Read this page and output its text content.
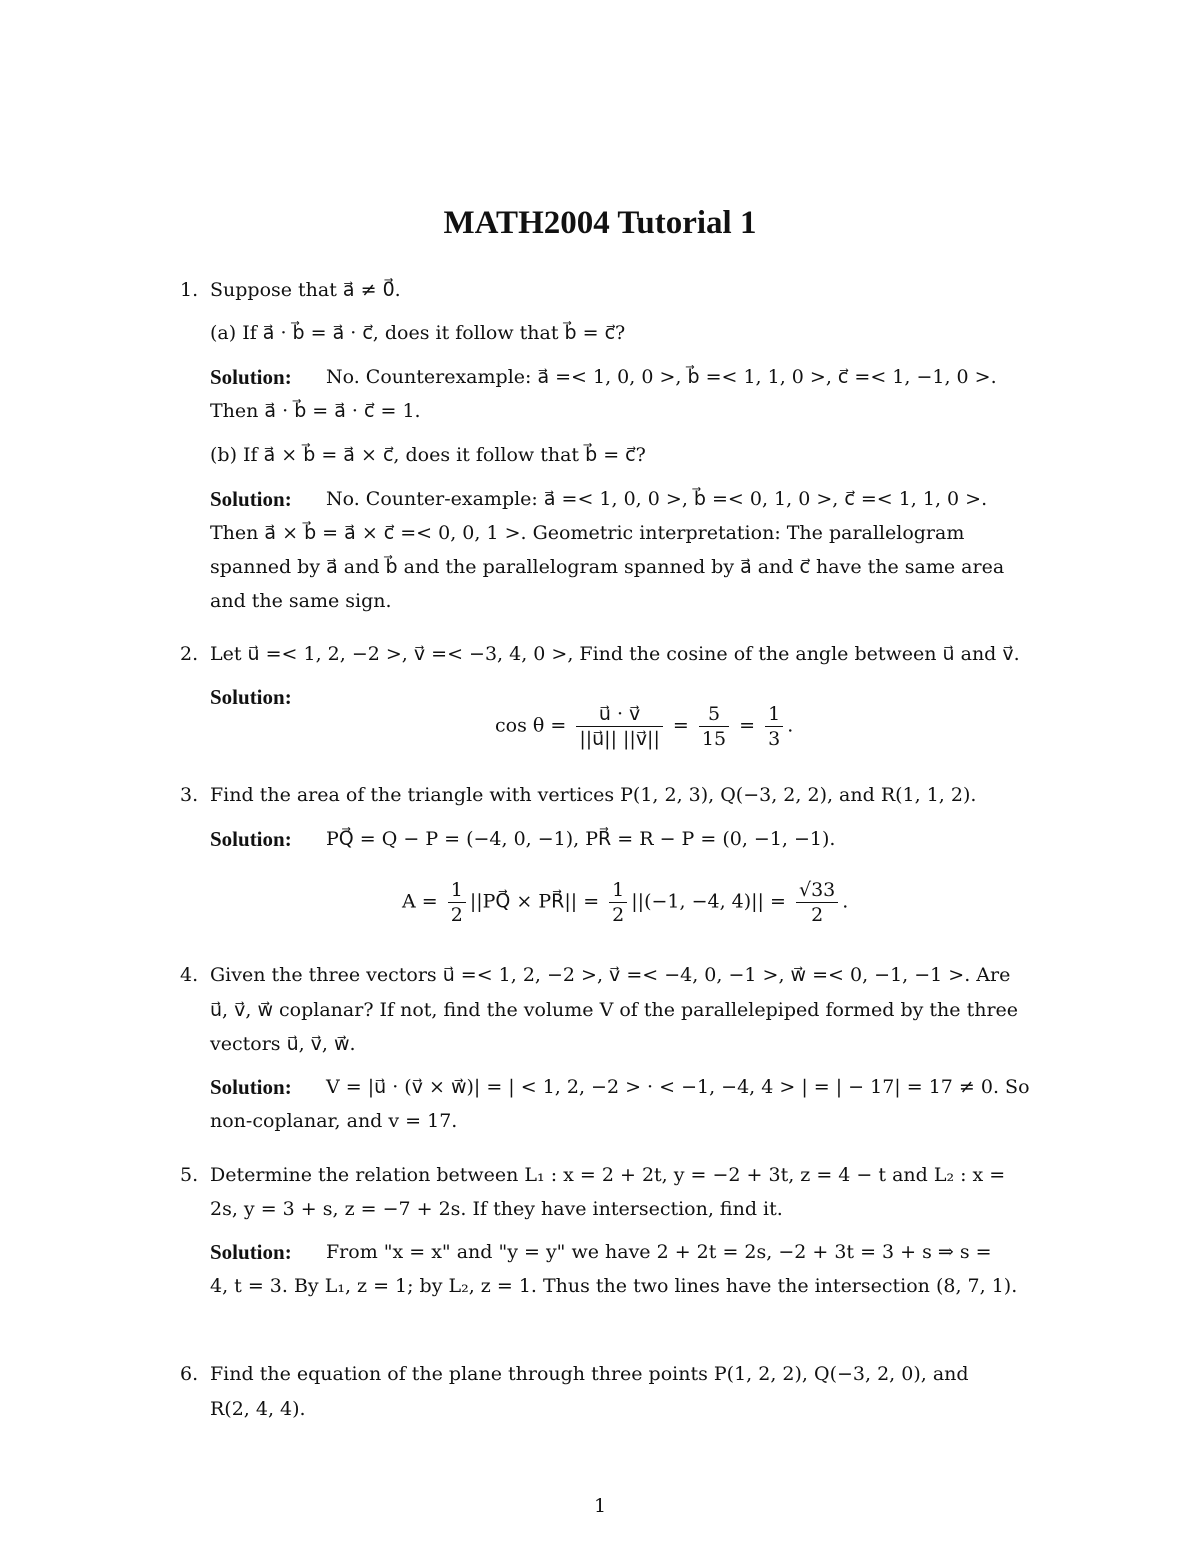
MATH2004 Tutorial 1
1. Suppose that a⃗ ≠ 0⃗.
(a) If a⃗ · b⃗ = a⃗ · c⃗, does it follow that b⃗ = c⃗?
Solution: No. Counterexample: a⃗ =< 1, 0, 0 >, b⃗ =< 1, 1, 0 >, c⃗ =< 1, −1, 0 >.
Then a⃗ · b⃗ = a⃗ · c⃗ = 1.
(b) If a⃗ × b⃗ = a⃗ × c⃗, does it follow that b⃗ = c⃗?
Solution: No. Counter-example: a⃗ =< 1, 0, 0 >, b⃗ =< 0, 1, 0 >, c⃗ =< 1, 1, 0 >.
Then a⃗ × b⃗ = a⃗ × c⃗ =< 0, 0, 1 >. Geometric interpretation: The parallelogram
spanned by a⃗ and b⃗ and the parallelogram spanned by a⃗ and c⃗ have the same area
and the same sign.
2. Let u⃗ =< 1, 2, −2 >, v⃗ =< −3, 4, 0 >, Find the cosine of the angle between u⃗ and v⃗.
Solution:
$\cos \theta = \frac{u⃗ \cdot v⃗}{||u⃗|| ||v⃗||} = \frac{5}{15} = \frac{1}{3}$ .
3. Find the area of the triangle with vertices P(1, 2, 3), Q(−3, 2, 2), and R(1, 1, 2).
Solution: PQ⃗ = Q − P = (−4, 0, −1), PR⃗ = R − P = (0, −1, −1).
$A = \frac{1}{2}$ ||PQ⃗ × PR⃗|| = $\frac{1}{2} ||(-1$, −4, $4)|| = \frac{√33}{2}$ .
4. Given the three vectors u⃗ =< 1, 2, −2 >, v⃗ =< −4, 0, −1 >, w⃗ =< 0, −1, −1 >. Are
u⃗, v⃗, w⃗ coplanar? If not, find the volume V of the parallelepiped formed by the three
vectors u⃗, v⃗, w⃗.
Solution: V = |u⃗ · (v⃗ × w⃗)| = | < 1, 2, −2 > · < −1, −4, 4 > | = | − 17| = 17 ≠ 0. So
non-coplanar, and v = 17.
5. Determine the relation between L₁ : x = 2 + 2t, y = −2 + 3t, z = 4 − t and L₂ : x =
2s, y = 3 + s, z = −7 + 2s. If they have intersection, find it.
Solution: From "x = x" and "y = y" we have 2 + 2t = 2s, −2 + 3t = 3 + s ⇒ s =
4, t = 3. By L₁, z = 1; by L₂, z = 1. Thus the two lines have the intersection (8, 7, 1).
6. Find the equation of the plane through three points P(1, 2, 2), Q(−3, 2, 0), and
R(2, 4, 4).
1
